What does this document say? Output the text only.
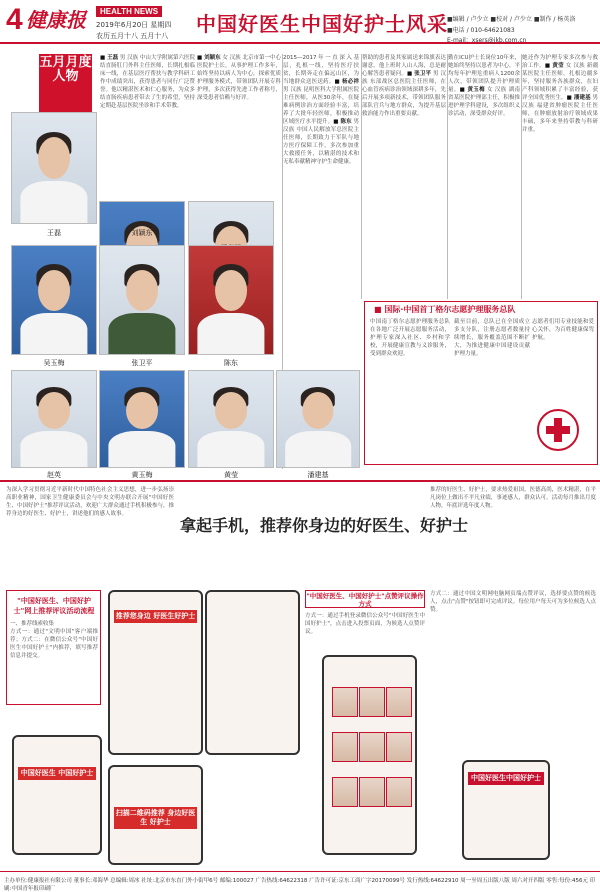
4 健康报	HEALTH NEWS
2019年6月20日 星期四
农历五月十八 五月十八 中国好医生中国好护士风采 ■编辑 / 卢少立 ■校对 / 卢少立 ■制作 / 杨英洛
■电话 / 010-64621083
E-mail：xsers@jkb.com.cn
五月月度人物
■ 王磊 男 汉族 中山大学附属第六医院结直肠肛门外科主任医师，长期扎根临床一线，在基层医疗帮扶与教学科研工作中成绩突出，获得患者与同行广泛赞誉。他以精湛医术和仁心服务，为众多结直肠疾病患者带去了生的希望，坚持定期赴基层医院坐诊和手术带教。
■ 刘颖东 女 汉族 北京市第一中心医院护士长。从事护理工作多年，始终坚持以病人为中心，探索优质护理服务模式，带领团队开展专科护理，多次获得先进工作者称号，深受患者信赖与好评。
2015—2017年一直深入基层，扎根一线，坚持医疗扶贫，长期奔走在偏远山区，为当地群众送医送药。■ 杨必祥 男 汉族 昆明医科大学附属医院主任医师，从医30余年，在疑难病例诊治方面经验丰富，培养了大批年轻医师，积极推动区域医疗水平提升。■ 陈东 男 汉族 中国人民解放军总医院主任医师，长期致力于军队与地方医疗保障工作，多次参加重大救援任务，以精湛的技术和无私奉献精神守护生命健康。
帮助的患者及其家属送来锦旗表达谢意。他上班时人山人海，总是耐心解答患者疑问。■ 张卫平 男 汉族 东部战区总医院主任医师，在心血管疾病诊治领域深耕多年，先后开展多项新技术，带领团队服务部队官兵与地方群众，为提升基层救治能力作出重要贡献。
勤在ICU护士长岗位10年来，她始终坚持以患者为中心，平均每年护理危重病人1200余人次，带领团队提升护理质量。■ 黄玉梅 女 汉族 湖南省某医院护理部主任，积极推进护理学科建设，多次组织义诊活动，深受群众好评。
她还作为护理专家多次参与救治工作。■ 黄莹 女 汉族 新疆某医院主任医师，扎根边疆多年，坚持服务各族群众，在妇产科领域积累了丰富经验，获评全国优秀医生。■ 潘建基 男 汉族 福建省肿瘤医院主任医师，在肿瘤放射治疗领域成果丰硕，多年来坚持带教与科研并重。
王磊	刘颖东
吴玉梅	张卫平	陈东
赵英	黄玉梅	黄莹	潘建基
■ 国际·中国首丁格尔志愿护理服务总队
中国南丁格尔志愿护理服务总队在各地广泛开展志愿服务活动，护理专家深入社区、乡村和学校，开展健康宣教与义诊服务，受到群众欢迎。
截至目前，总队已在全国成立多支分队，注册志愿者数量持续增长，服务覆盖范围不断扩大，为推进健康中国建设贡献护理力量。
志愿者们用专业技能和爱心关怀，为百姓健康保驾护航。
为深入学习贯彻习近平新时代中国特色社会主义思想，进一步弘扬崇高职业精神，国家卫生健康委员会与中央文明办联合开展"中国好医生、中国好护士"推荐评议活动，欢迎广大群众通过手机积极参与，推荐身边的好医生、好护士，讲述他们的感人故事。
推荐的好医生、好护士，要求热爱祖国，医德高尚，医术精湛，在平凡岗位上做出不平凡业绩，事迹感人，群众认可。活动每月推出月度人物，年底评选年度人物。
拿起手机，推荐你身边的好医生、好护士
"中国好医生、中国好护士"网上推荐评议活动流程
一、推荐线索收集
方式一：通过"文明中国"客户端推荐；方式二：在微信公众号"中国好医生中国好护士"内推荐，填写推荐信息并提交。
推荐您身边 好医生好护士
扫描二维码推荐 身边好医生 好护士
中国好医生 中国好护士
"中国好医生、中国好护士"点赞评议操作方式
方式一：通过手机登录微信公众号"中国好医生中国好护士"，点击进入投票页面，为候选人点赞评议。
方式二：通过中国文明网电脑网页端点赞评议，选择要点赞的候选人，点击"点赞"按钮即可完成评议。每位用户每天可为多位候选人点赞。
中国好医生中国好护士
主办单位:健康报社有限公司 董事长:邓海华 总编辑:周冰 社址:北京市东直门外小街甲6号 邮编:100027 广告热线:64622318 广告许可证:京东工商广字20170099号 发行热线:64622910 周一至周五出版八版 周六对开四版 零售:每份:456元 印刷:中国青年报印刷厂
